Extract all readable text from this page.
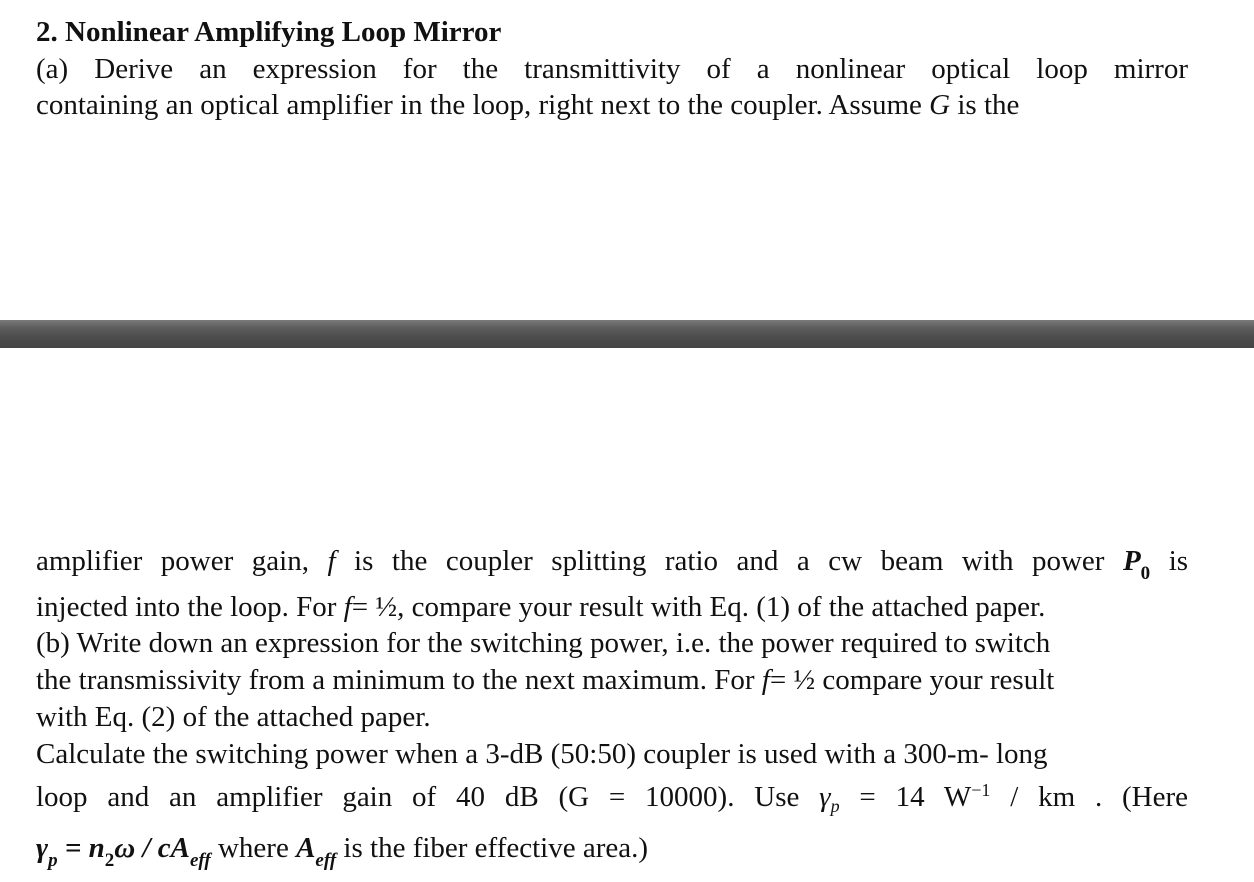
2. Nonlinear Amplifying Loop Mirror
(a) Derive an expression for the transmittivity of a nonlinear optical loop mirror
containing an optical amplifier in the loop, right next to the coupler. Assume G is the
amplifier power gain, f is the coupler splitting ratio and a cw beam with power $P_0$ is
injected into the loop. For f= ½, compare your result with Eq. (1) of the attached paper.
(b) Write down an expression for the switching power, i.e. the power required to switch
the transmissivity from a minimum to the next maximum. For f= ½ compare your result
with Eq. (2) of the attached paper.
Calculate the switching power when a 3-dB (50:50) coupler is used with a 300-m- long
loop and an amplifier gain of 40 dB (G = 10000). Use $\gamma_p = 14$ $W^{-1}$ / km . (Here
$\gamma_p = n_2\omega / cA_{eff}$ where $A_{eff}$ is the fiber effective area.)
